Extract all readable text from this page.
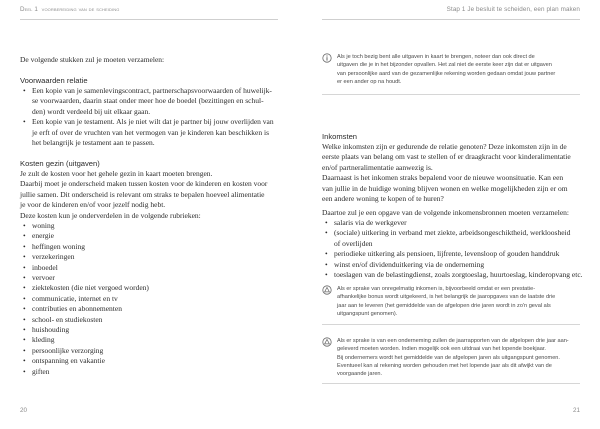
Deel 1 voorbereiding van de scheiding
De volgende stukken zul je moeten verzamelen:
Voorwaarden relatie
• Een kopie van je samenlevingscontract, partnerschapsvoorwaarden of huwelijk-
se voorwaarden, daarin staat onder meer hoe de boedel (bezittingen en schul-
den) wordt verdeeld bij uit elkaar gaan.
• Een kopie van je testament. Als je niet wilt dat je partner bij jouw overlijden van
je erft of over de vruchten van het vermogen van je kinderen kan beschikken is
het belangrijk je testament aan te passen.
Kosten gezin (uitgaven)
Je zult de kosten voor het gehele gezin in kaart moeten brengen.
Daarbij moet je onderscheid maken tussen kosten voor de kinderen en kosten voor
jullie samen. Dit onderscheid is relevant om straks te bepalen hoeveel alimentatie
je voor de kinderen en/of voor jezelf nodig hebt.
Deze kosten kun je onderverdelen in de volgende rubrieken:
• woning
• energie
• heffingen woning
• verzekeringen
• inboedel
• vervoer
• ziektekosten (die niet vergoed worden)
• communicatie, internet en tv
• contributies en abonnementen
• school- en studiekosten
• huishouding
• kleding
• persoonlijke verzorging
• ontspanning en vakantie
• giften
20
Stap 1 Je besluit te scheiden, een plan maken
Als je toch bezig bent alle uitgaven in kaart te brengen, noteer dan ook direct de
uitgaven die je in het bijzonder opvallen. Het zal niet de eerste keer zijn dat er uitgaven
van persoonlijke aard van de gezamenlijke rekening worden gedaan omdat jouw partner
er een ander op na houdt.
Inkomsten
Welke inkomsten zijn er gedurende de relatie genoten? Deze inkomsten zijn in de
eerste plaats van belang om vast te stellen of er draagkracht voor kinderalimentatie
en/of partneralimentatie aanwezig is.
Daarnaast is het inkomen straks bepalend voor de nieuwe woonsituatie. Kan een
van jullie in de huidige woning blijven wonen en welke mogelijkheden zijn er om
een andere woning te kopen of te huren?
Daartoe zul je een opgave van de volgende inkomensbronnen moeten verzamelen:
• salaris via de werkgever
• (sociale) uitkering in verband met ziekte, arbeidsongeschiktheid, werkloosheid
of overlijden
• periodieke uitkering als pensioen, lijfrente, levensloop of gouden handdruk
• winst en/of dividenduitkering via de onderneming
• toeslagen van de belastingdienst, zoals zorgtoeslag, huurtoeslag, kinderopvang etc.
Als er sprake van onregelmatig inkomen is, bijvoorbeeld omdat er een prestatie-
afhankelijke bonus wordt uitgekeerd, is het belangrijk de jaaropgaves van de laatste drie
jaar aan te leveren (het gemiddelde van de afgelopen drie jaren wordt in zo'n geval als
uitgangspunt genomen).
Als er sprake is van een onderneming zullen de jaarrapporten van de afgelopen drie jaar aan-
geleverd moeten worden. Indien mogelijk ook een uitdraai van het lopende boekjaar.
Bij ondernemers wordt het gemiddelde van de afgelopen jaren als uitgangspunt genomen.
Eventueel kan al rekening worden gehouden met het lopende jaar als dit afwijkt van de
voorgaande jaren.
21
